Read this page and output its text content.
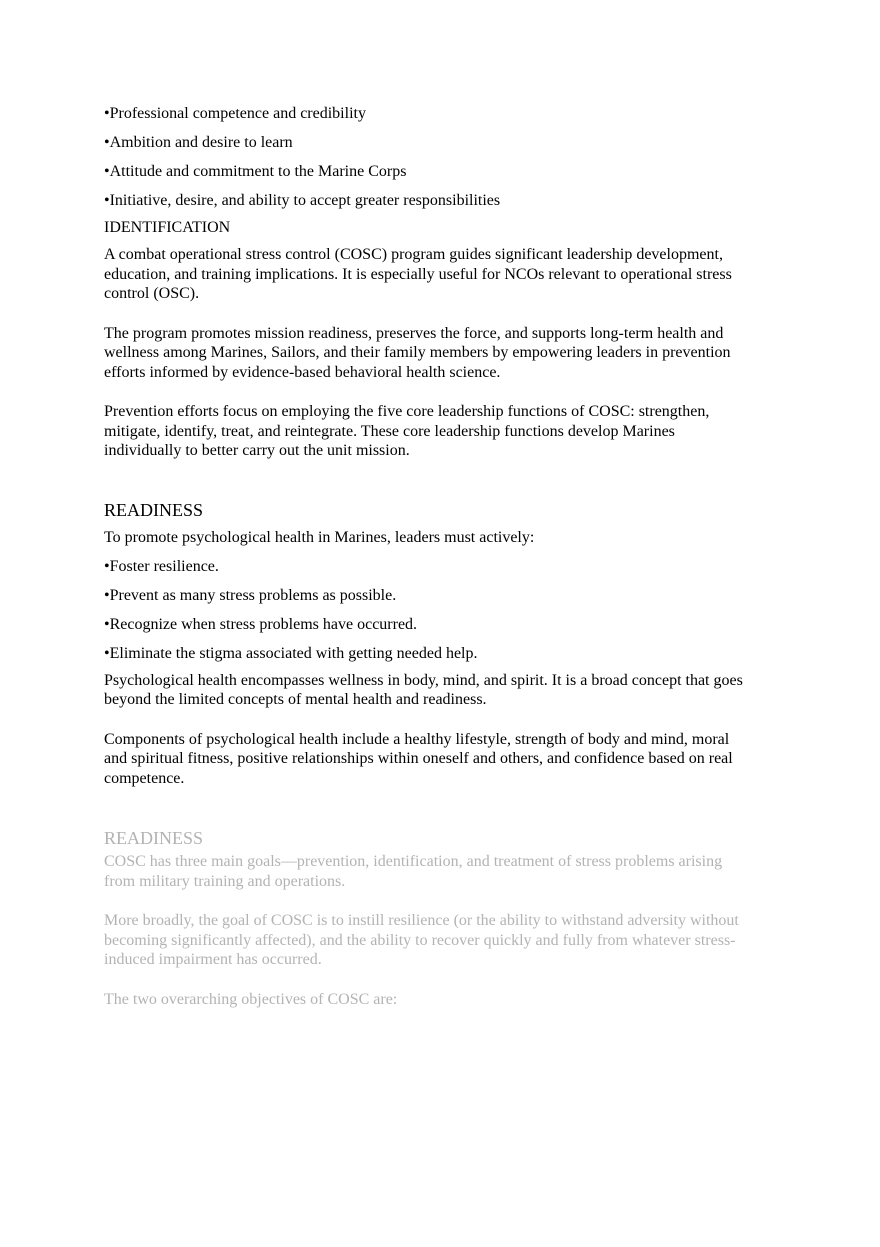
•Professional competence and credibility

•Ambition and desire to learn

•Attitude and commitment to the Marine Corps

•Initiative, desire, and ability to accept greater responsibilities

IDENTIFICATION

A combat operational stress control (COSC) program guides significant leadership development, education, and training implications. It is especially useful for NCOs relevant to operational stress control (OSC).

The program promotes mission readiness, preserves the force, and supports long-term health and wellness among Marines, Sailors, and their family members by empowering leaders in prevention efforts informed by evidence-based behavioral health science.

Prevention efforts focus on employing the five core leadership functions of COSC: strengthen, mitigate, identify, treat, and reintegrate. These core leadership functions develop Marines individually to better carry out the unit mission.

READINESS

To promote psychological health in Marines, leaders must actively:

•Foster resilience.

•Prevent as many stress problems as possible.

•Recognize when stress problems have occurred.

•Eliminate the stigma associated with getting needed help.

Psychological health encompasses wellness in body, mind, and spirit. It is a broad concept that goes beyond the limited concepts of mental health and readiness.

Components of psychological health include a healthy lifestyle, strength of body and mind, moral and spiritual fitness, positive relationships within oneself and others, and confidence based on real competence.

READINESS

COSC has three main goals—prevention, identification, and treatment of stress problems arising from military training and operations.

More broadly, the goal of COSC is to instill resilience (or the ability to withstand adversity without becoming significantly affected), and the ability to recover quickly and fully from whatever stress-induced impairment has occurred.

The two overarching objectives of COSC are:
